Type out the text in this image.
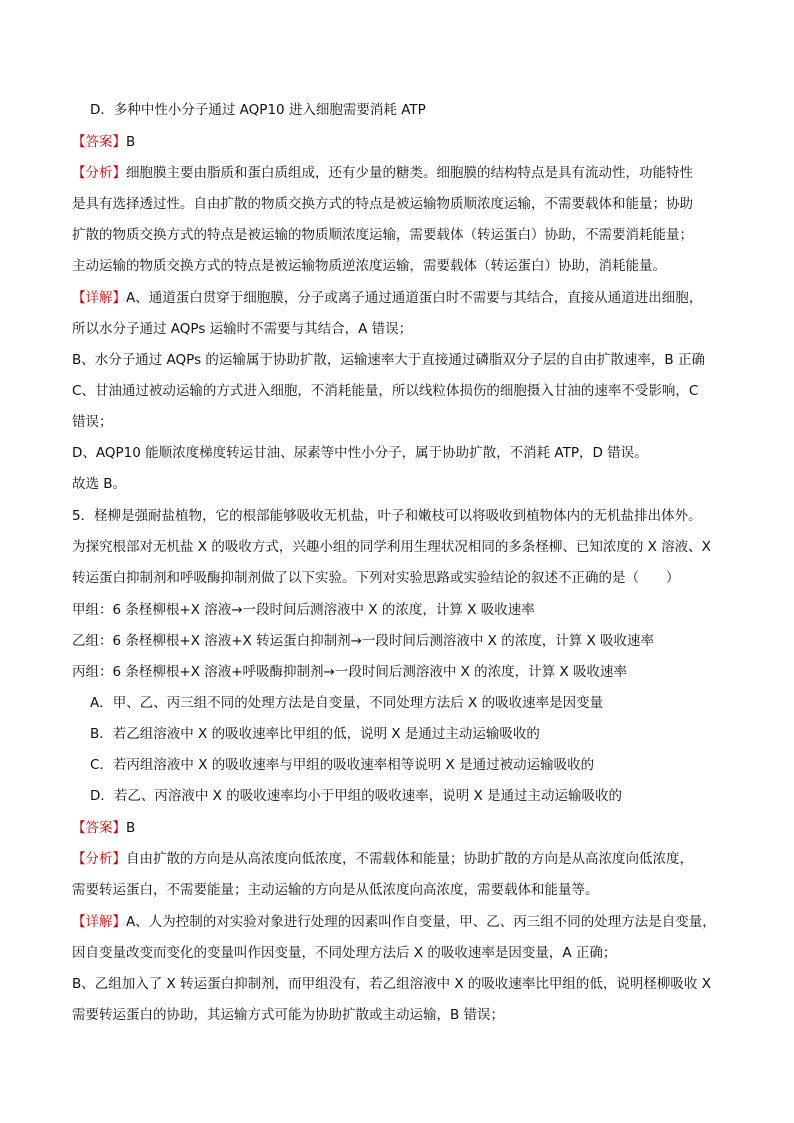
D．多种中性小分子通过 AQP10 进入细胞需要消耗 ATP
【答案】B
【分析】细胞膜主要由脂质和蛋白质组成，还有少量的糖类。细胞膜的结构特点是具有流动性，功能特性
是具有选择透过性。自由扩散的物质交换方式的特点是被运输物质顺浓度运输，不需要载体和能量；协助
扩散的物质交换方式的特点是被运输的物质顺浓度运输，需要载体（转运蛋白）协助，不需要消耗能量；
主动运输的物质交换方式的特点是被运输物质逆浓度运输，需要载体（转运蛋白）协助，消耗能量。
【详解】A、通道蛋白贯穿于细胞膜，分子或离子通过通道蛋白时不需要与其结合，直接从通道进出细胞，
所以水分子通过 AQPs 运输时不需要与其结合，A 错误；
B、水分子通过 AQPs 的运输属于协助扩散，运输速率大于直接通过磷脂双分子层的自由扩散速率，B 正确
C、甘油通过被动运输的方式进入细胞，不消耗能量，所以线粒体损伤的细胞摄入甘油的速率不受影响，C
错误；
D、AQP10 能顺浓度梯度转运甘油、尿素等中性小分子，属于协助扩散，不消耗 ATP，D 错误。
故选 B。
5．柽柳是强耐盐植物，它的根部能够吸收无机盐，叶子和嫩枝可以将吸收到植物体内的无机盐排出体外。
为探究根部对无机盐 X 的吸收方式，兴趣小组的同学利用生理状况相同的多条柽柳、已知浓度的 X 溶液、X
转运蛋白抑制剂和呼吸酶抑制剂做了以下实验。下列对实验思路或实验结论的叙述不正确的是（　　）
甲组：6 条柽柳根+X 溶液→一段时间后测溶液中 X 的浓度，计算 X 吸收速率
乙组：6 条柽柳根+X 溶液+X 转运蛋白抑制剂→一段时间后测溶液中 X 的浓度，计算 X 吸收速率
丙组：6 条柽柳根+X 溶液+呼吸酶抑制剂→一段时间后测溶液中 X 的浓度，计算 X 吸收速率
A．甲、乙、丙三组不同的处理方法是自变量，不同处理方法后 X 的吸收速率是因变量
B．若乙组溶液中 X 的吸收速率比甲组的低，说明 X 是通过主动运输吸收的
C．若丙组溶液中 X 的吸收速率与甲组的吸收速率相等说明 X 是通过被动运输吸收的
D．若乙、丙溶液中 X 的吸收速率均小于甲组的吸收速率，说明 X 是通过主动运输吸收的
【答案】B
【分析】自由扩散的方向是从高浓度向低浓度，不需载体和能量；协助扩散的方向是从高浓度向低浓度，
需要转运蛋白，不需要能量；主动运输的方向是从低浓度向高浓度，需要载体和能量等。
【详解】A、人为控制的对实验对象进行处理的因素叫作自变量，甲、乙、丙三组不同的处理方法是自变量，
因自变量改变而变化的变量叫作因变量，不同处理方法后 X 的吸收速率是因变量，A 正确；
B、乙组加入了 X 转运蛋白抑制剂，而甲组没有，若乙组溶液中 X 的吸收速率比甲组的低，说明柽柳吸收 X
需要转运蛋白的协助，其运输方式可能为协助扩散或主动运输，B 错误；
